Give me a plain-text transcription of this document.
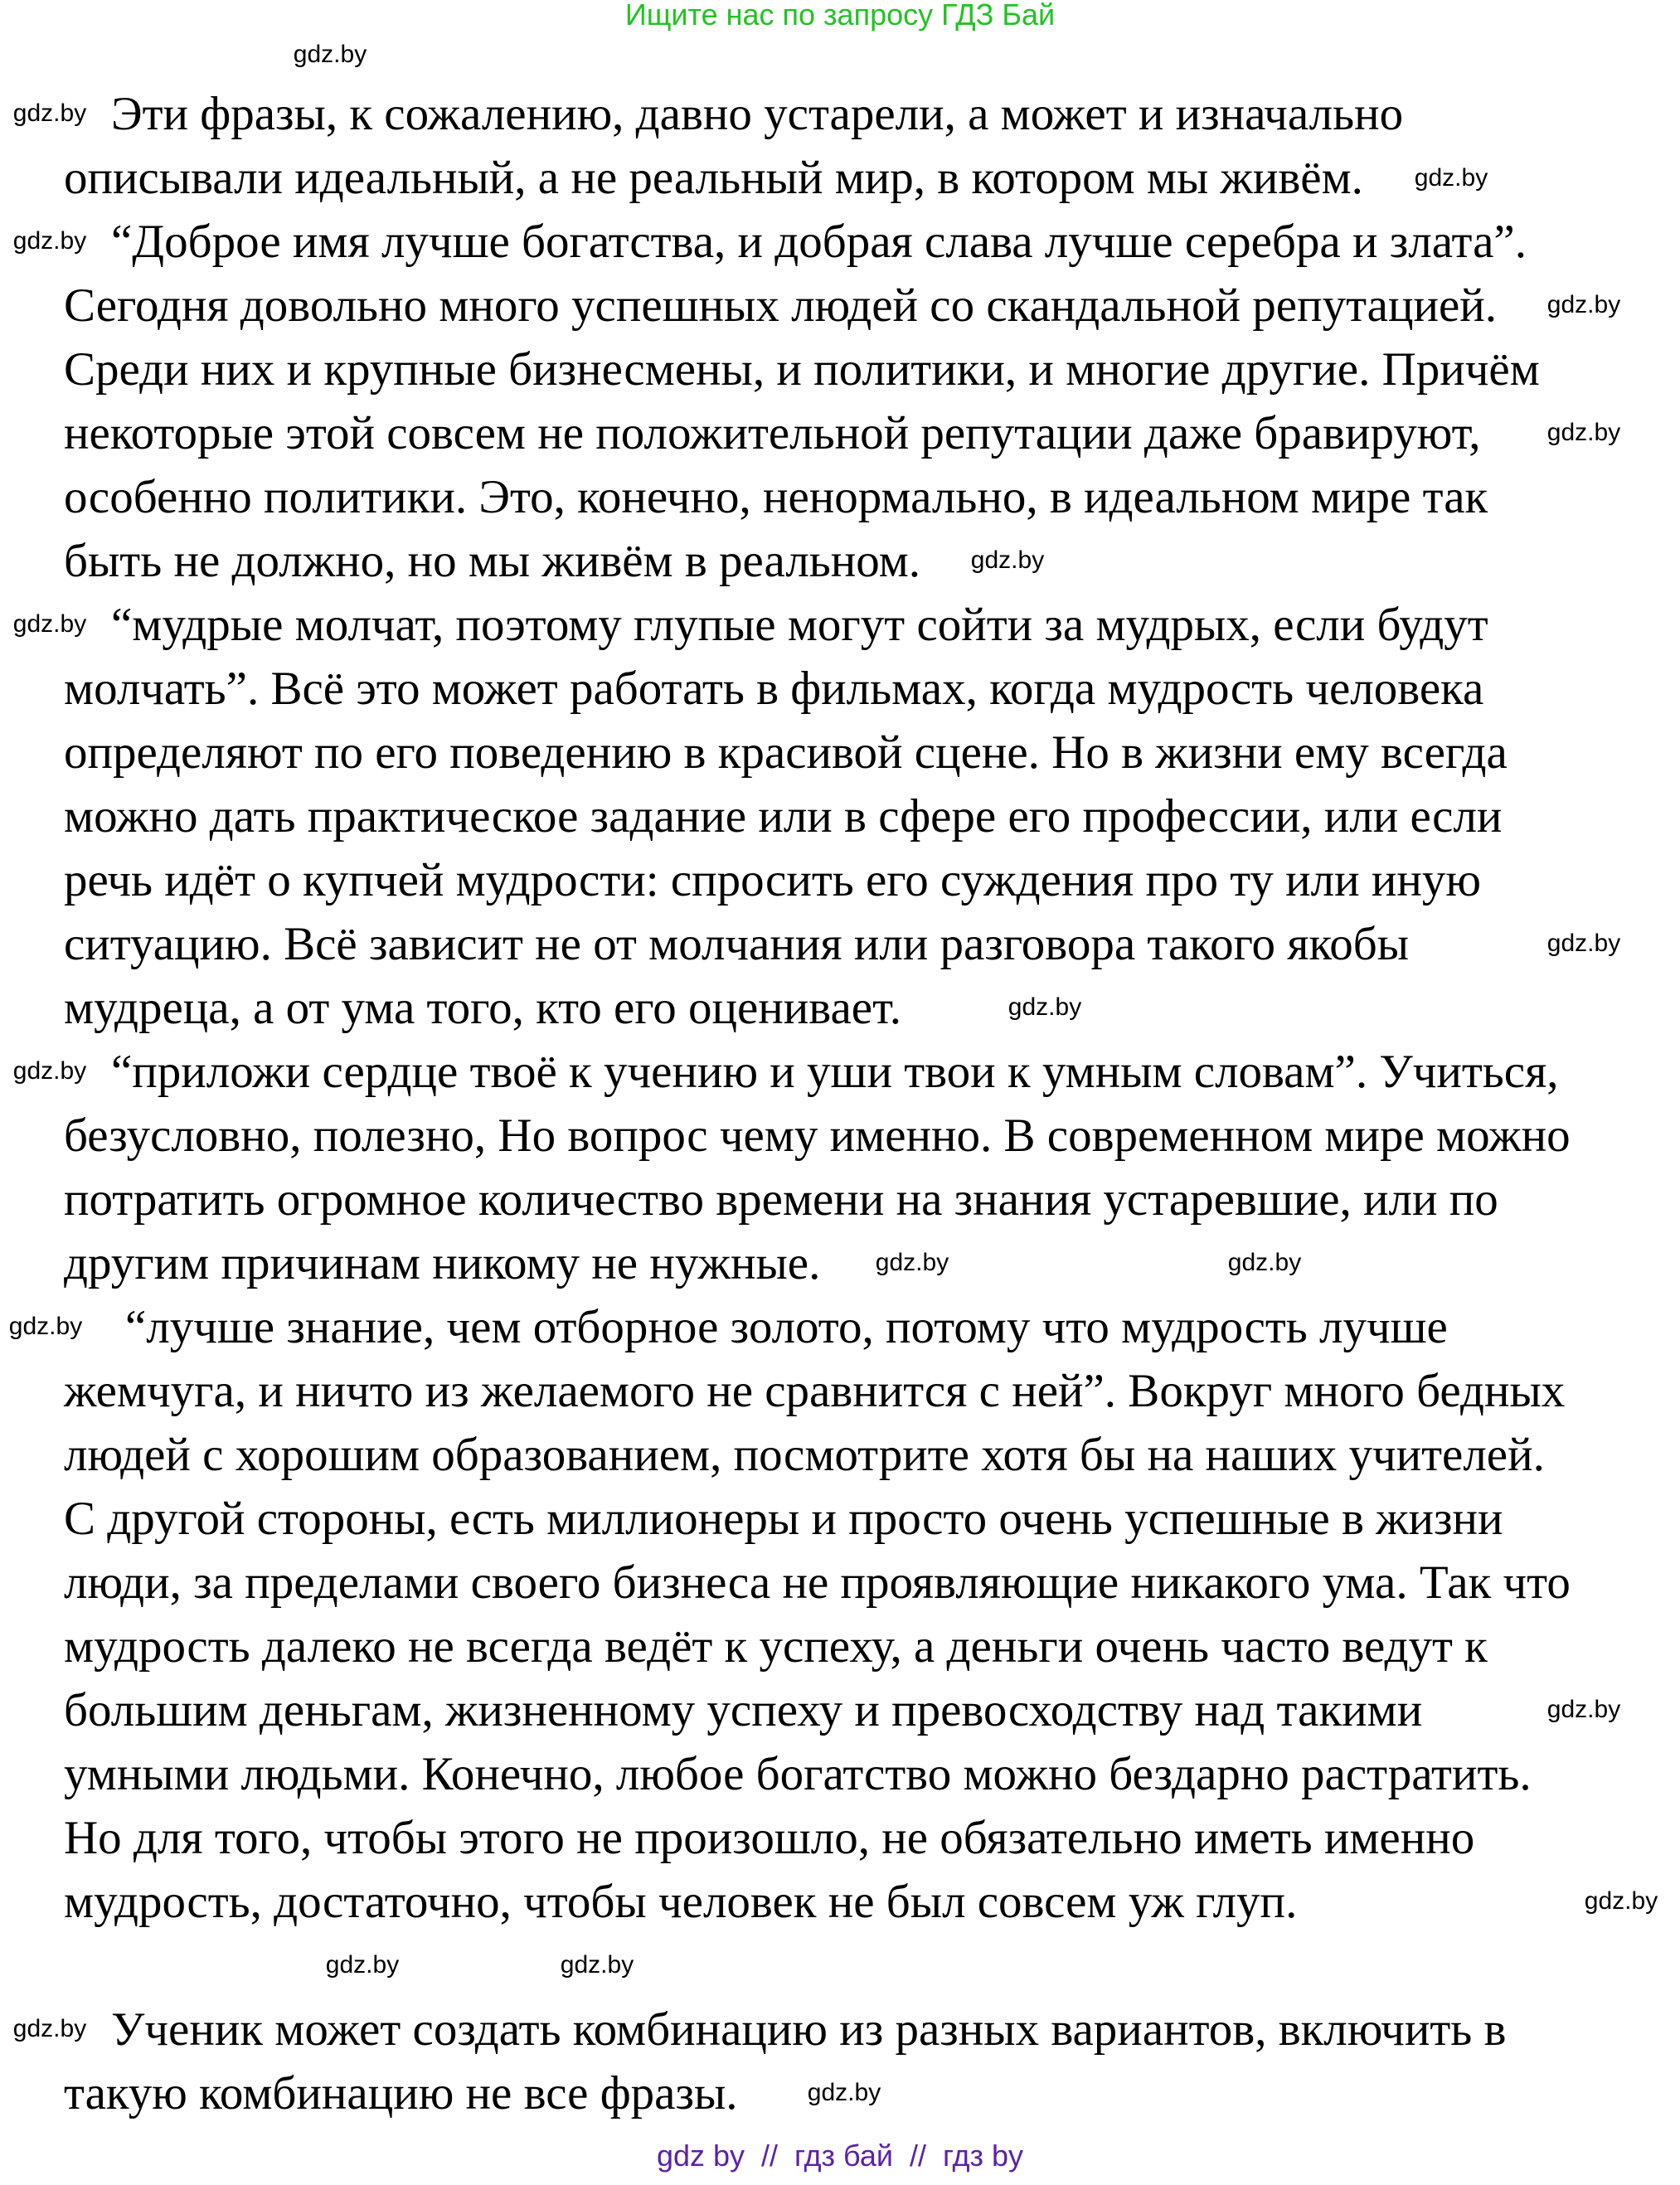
Ищите нас по запросу ГДЗ Бай
Эти фразы, к сожалению, давно устарели, а может и изначально
описывали идеальный, а не реальный мир, в котором мы живём.
“Доброе имя лучше богатства, и добрая слава лучше серебра и злата”.
Сегодня довольно много успешных людей со скандальной репутацией.
Среди них и крупные бизнесмены, и политики, и многие другие. Причём
некоторые этой совсем не положительной репутации даже бравируют,
особенно политики. Это, конечно, ненормально, в идеальном мире так
быть не должно, но мы живём в реальном.
“мудрые молчат, поэтому глупые могут сойти за мудрых, если будут
молчать”. Всё это может работать в фильмах, когда мудрость человека
определяют по его поведению в красивой сцене. Но в жизни ему всегда
можно дать практическое задание или в сфере его профессии, или если
речь идёт о купчей мудрости: спросить его суждения про ту или иную
ситуацию. Всё зависит не от молчания или разговора такого якобы
мудреца, а от ума того, кто его оценивает.
“приложи сердце твоё к учению и уши твои к умным словам”. Учиться,
безусловно, полезно, Но вопрос чему именно. В современном мире можно
потратить огромное количество времени на знания устаревшие, или по
другим причинам никому не нужные.
“лучше знание, чем отборное золото, потому что мудрость лучше
жемчуга, и ничто из желаемого не сравнится с ней”. Вокруг много бедных
людей с хорошим образованием, посмотрите хотя бы на наших учителей.
С другой стороны, есть миллионеры и просто очень успешные в жизни
люди, за пределами своего бизнеса не проявляющие никакого ума. Так что
мудрость далеко не всегда ведёт к успеху, а деньги очень часто ведут к
большим деньгам, жизненному успеху и превосходству над такими
умными людьми. Конечно, любое богатство можно бездарно растратить.
Но для того, чтобы этого не произошло, не обязательно иметь именно
мудрость, достаточно, чтобы человек не был совсем уж глуп.
Ученик может создать комбинацию из разных вариантов, включить в
такую комбинацию не все фразы.
gdz.by
gdz.by
gdz.by
gdz.by
gdz.by
gdz.by
gdz.by
gdz.by
gdz.by
gdz.by
gdz.by
gdz.by	gdz.by
gdz.by
gdz.by
gdz.by
gdz.by	gdz.by
gdz.by
gdz.by
gdz by  //  гдз бай  //  гдз by
